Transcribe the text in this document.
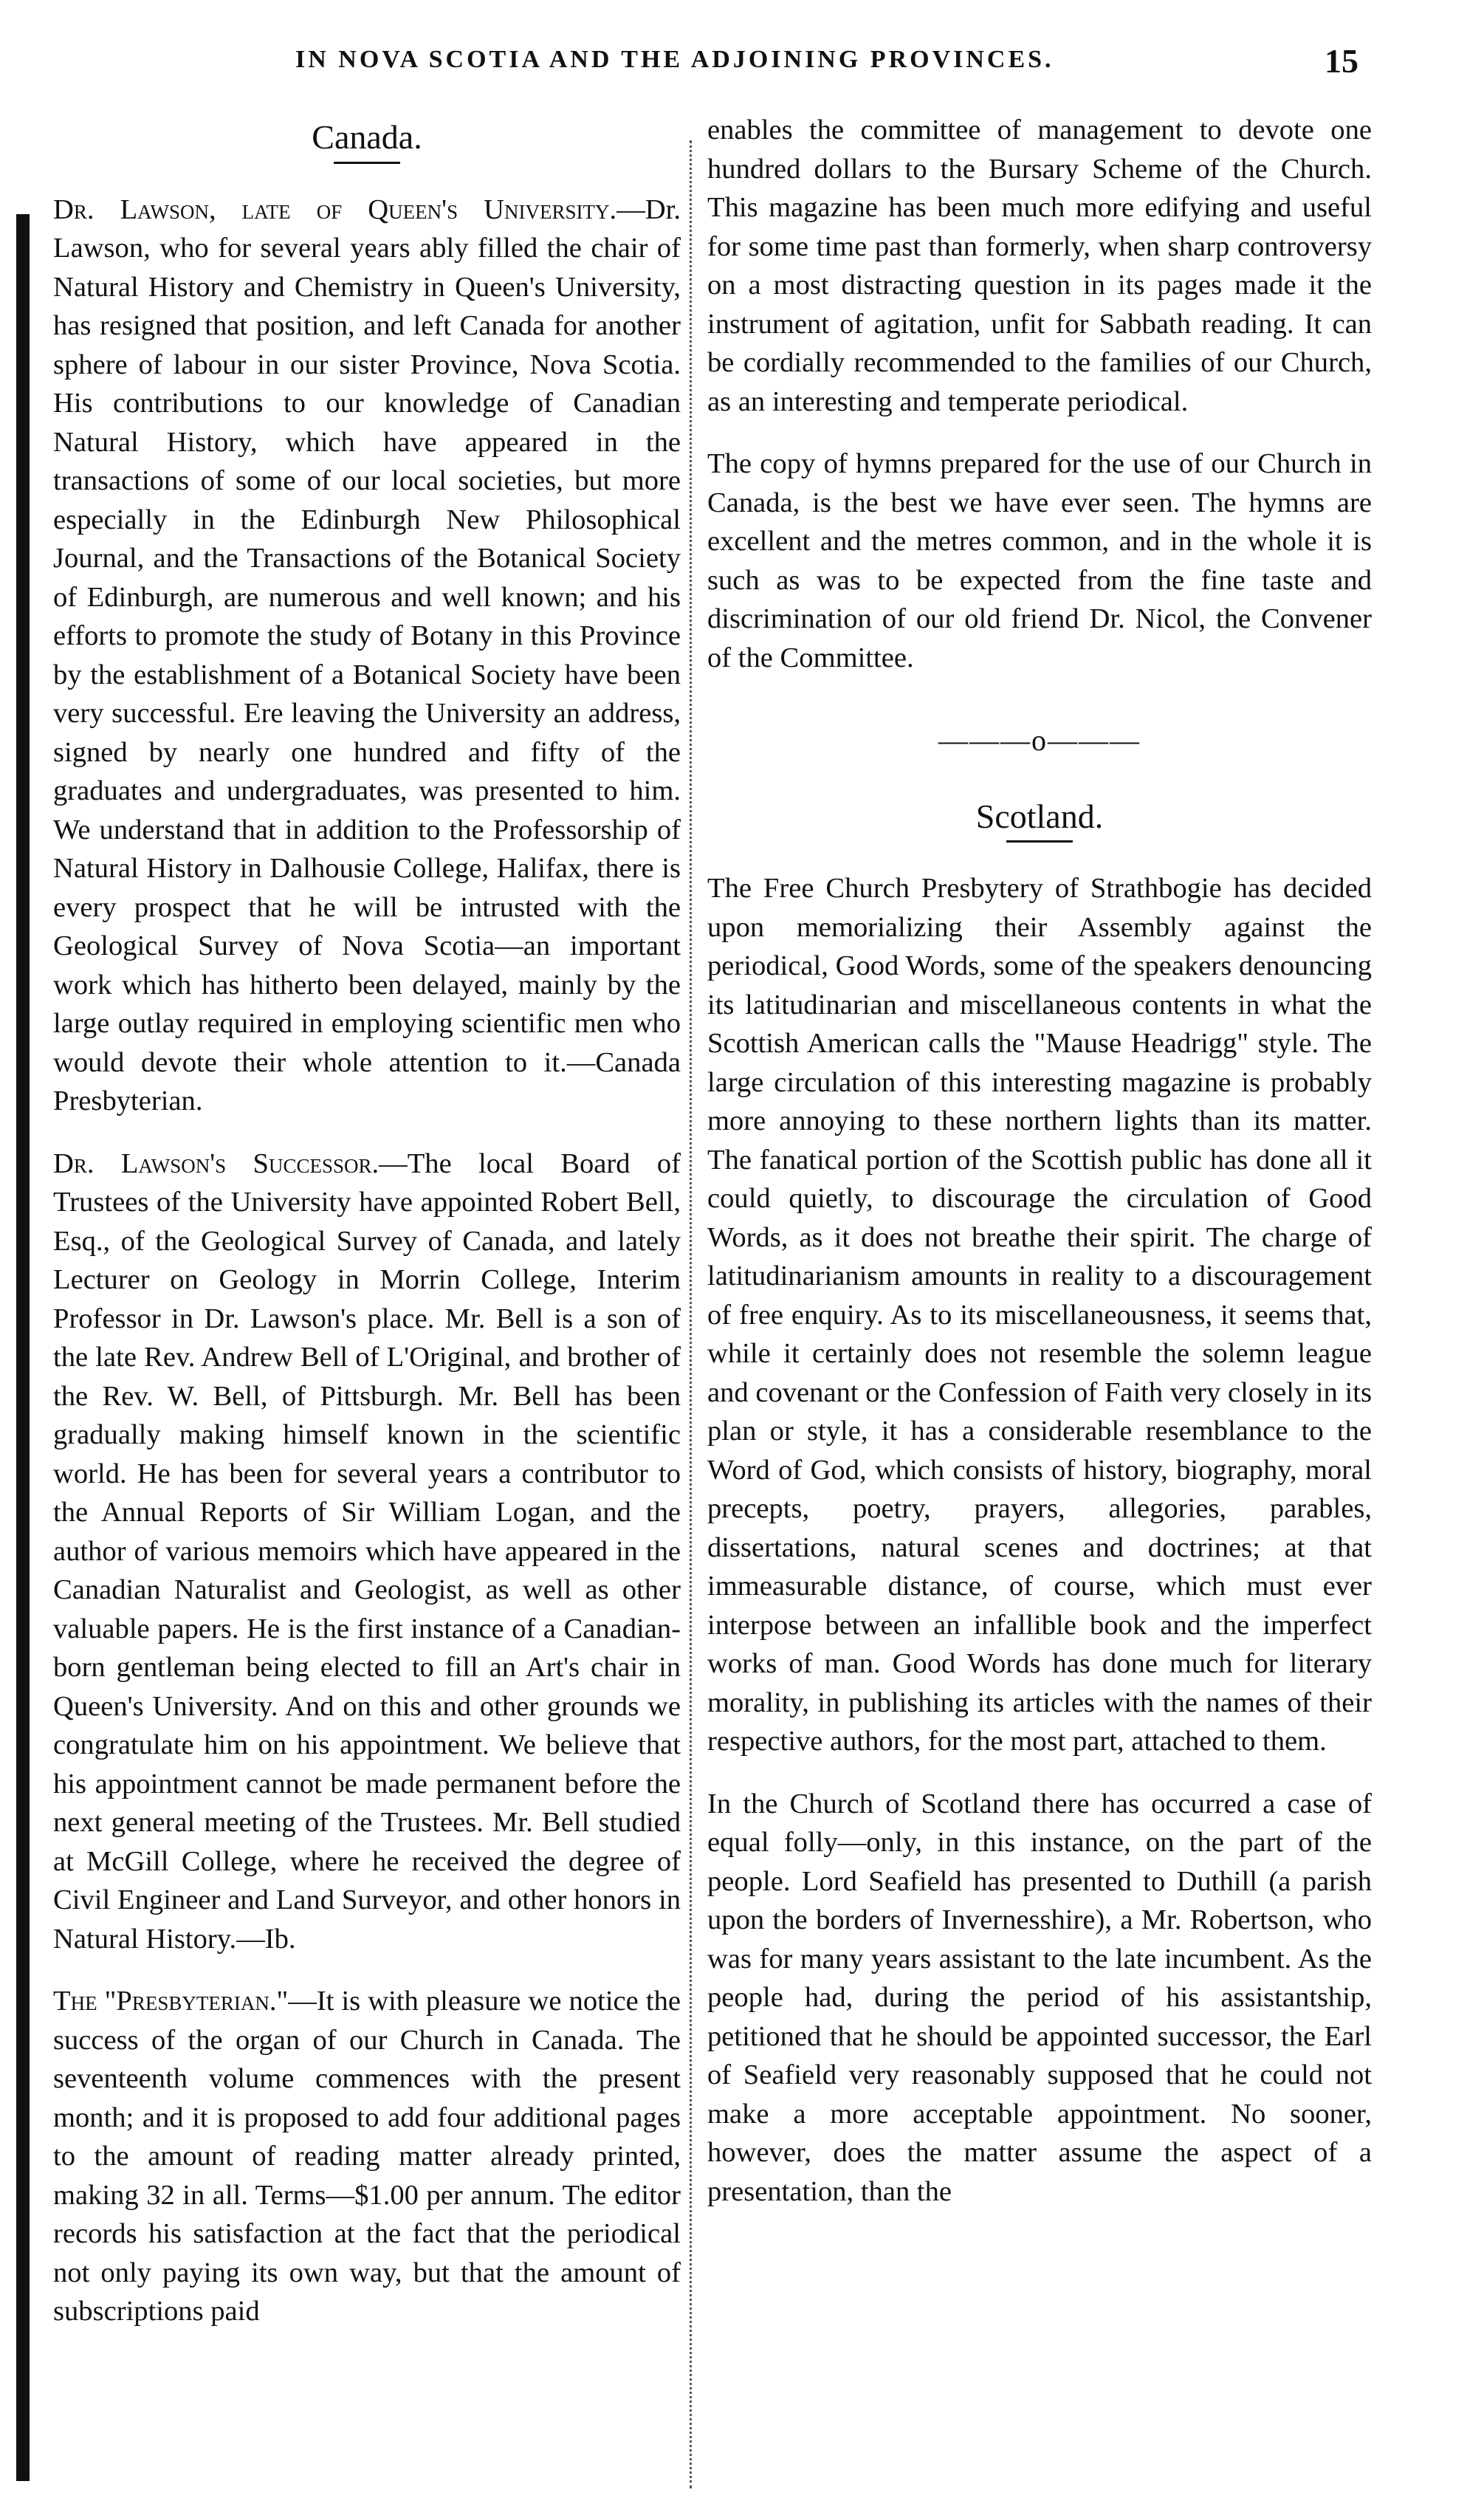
IN NOVA SCOTIA AND THE ADJOINING PROVINCES.	15
Canada.

Dr. Lawson, late of Queen's University.—Dr. Lawson, who for several years ably filled the chair of Natural History and Chemistry in Queen's University, has resigned that position, and left Canada for another sphere of labour in our sister Province, Nova Scotia. His contributions to our knowledge of Canadian Natural History, which have appeared in the transactions of some of our local societies, but more especially in the Edinburgh New Philosophical Journal, and the Transactions of the Botanical Society of Edinburgh, are numerous and well known; and his efforts to promote the study of Botany in this Province by the establishment of a Botanical Society have been very successful. Ere leaving the University an address, signed by nearly one hundred and fifty of the graduates and undergraduates, was presented to him. We understand that in addition to the Professorship of Natural History in Dalhousie College, Halifax, there is every prospect that he will be intrusted with the Geological Survey of Nova Scotia—an important work which has hitherto been delayed, mainly by the large outlay required in employing scientific men who would devote their whole attention to it.—Canada Presbyterian.

Dr. Lawson's Successor.—The local Board of Trustees of the University have appointed Robert Bell, Esq., of the Geological Survey of Canada, and lately Lecturer on Geology in Morrin College, Interim Professor in Dr. Lawson's place. Mr. Bell is a son of the late Rev. Andrew Bell of L'Original, and brother of the Rev. W. Bell, of Pittsburgh. Mr. Bell has been gradually making himself known in the scientific world. He has been for several years a contributor to the Annual Reports of Sir William Logan, and the author of various memoirs which have appeared in the Canadian Naturalist and Geologist, as well as other valuable papers. He is the first instance of a Canadian-born gentleman being elected to fill an Art's chair in Queen's University. And on this and other grounds we congratulate him on his appointment. We believe that his appointment cannot be made permanent before the next general meeting of the Trustees. Mr. Bell studied at McGill College, where he received the degree of Civil Engineer and Land Surveyor, and other honors in Natural History.—Ib.

The "Presbyterian."—It is with pleasure we notice the success of the organ of our Church in Canada. The seventeenth volume commences with the present month; and it is proposed to add four additional pages to the amount of reading matter already printed, making 32 in all. Terms—$1.00 per annum. The editor records his satisfaction at the fact that the periodical not only paying its own way, but that the amount of subscriptions paid

enables the committee of management to devote one hundred dollars to the Bursary Scheme of the Church. This magazine has been much more edifying and useful for some time past than formerly, when sharp controversy on a most distracting question in its pages made it the instrument of agitation, unfit for Sabbath reading. It can be cordially recommended to the families of our Church, as an interesting and temperate periodical.

The copy of hymns prepared for the use of our Church in Canada, is the best we have ever seen. The hymns are excellent and the metres common, and in the whole it is such as was to be expected from the fine taste and discrimination of our old friend Dr. Nicol, the Convener of the Committee.

———o———
Scotland.

The Free Church Presbytery of Strathbogie has decided upon memorializing their Assembly against the periodical, Good Words, some of the speakers denouncing its latitudinarian and miscellaneous contents in what the Scottish American calls the "Mause Headrigg" style. The large circulation of this interesting magazine is probably more annoying to these northern lights than its matter. The fanatical portion of the Scottish public has done all it could quietly, to discourage the circulation of Good Words, as it does not breathe their spirit. The charge of latitudinarianism amounts in reality to a discouragement of free enquiry. As to its miscellaneousness, it seems that, while it certainly does not resemble the solemn league and covenant or the Confession of Faith very closely in its plan or style, it has a considerable resemblance to the Word of God, which consists of history, biography, moral precepts, poetry, prayers, allegories, parables, dissertations, natural scenes and doctrines; at that immeasurable distance, of course, which must ever interpose between an infallible book and the imperfect works of man. Good Words has done much for literary morality, in publishing its articles with the names of their respective authors, for the most part, attached to them.

In the Church of Scotland there has occurred a case of equal folly—only, in this instance, on the part of the people. Lord Seafield has presented to Duthill (a parish upon the borders of Invernesshire), a Mr. Robertson, who was for many years assistant to the late incumbent. As the people had, during the period of his assistantship, petitioned that he should be appointed successor, the Earl of Seafield very reasonably supposed that he could not make a more acceptable appointment. No sooner, however, does the matter assume the aspect of a presentation, than the
